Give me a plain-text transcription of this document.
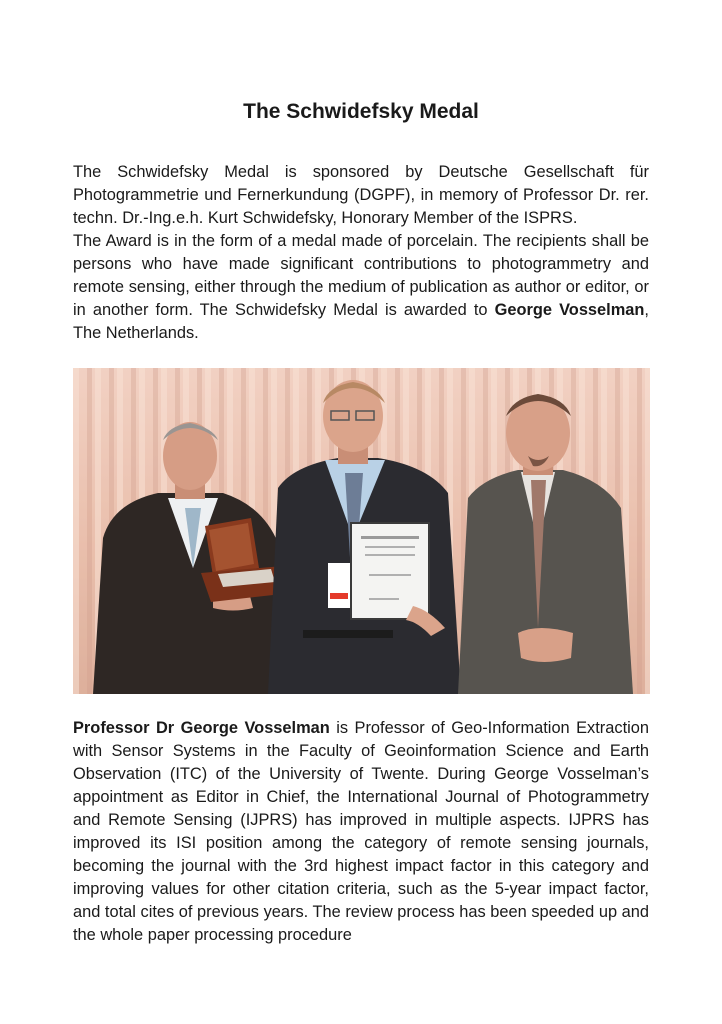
The Schwidefsky Medal

The Schwidefsky Medal is sponsored by Deutsche Gesellschaft für Photogrammetrie und Fernerkundung (DGPF), in memory of Professor Dr. rer. techn. Dr.-Ing.e.h. Kurt Schwidefsky, Honorary Member of the ISPRS.

The Award is in the form of a medal made of porcelain. The recipients shall be persons who have made significant contributions to photogrammetry and remote sensing, either through the medium of publication as author or editor, or in another form. The Schwidefsky Medal is awarded to George Vosselman, The Netherlands.

Professor Dr George Vosselman is Professor of Geo-Information Extraction with Sensor Systems in the Faculty of Geoinformation Science and Earth Observation (ITC) of the University of Twente. During George Vosselman’s appointment as Editor in Chief, the International Journal of Photogrammetry and Remote Sensing (IJPRS) has improved in multiple aspects. IJPRS has improved its ISI position among the category of remote sensing journals, becoming the journal with the 3rd highest impact factor in this category and improving values for other citation criteria, such as the 5-year impact factor, and total cites of previous years. The review process has been speeded up and the whole paper processing procedure
